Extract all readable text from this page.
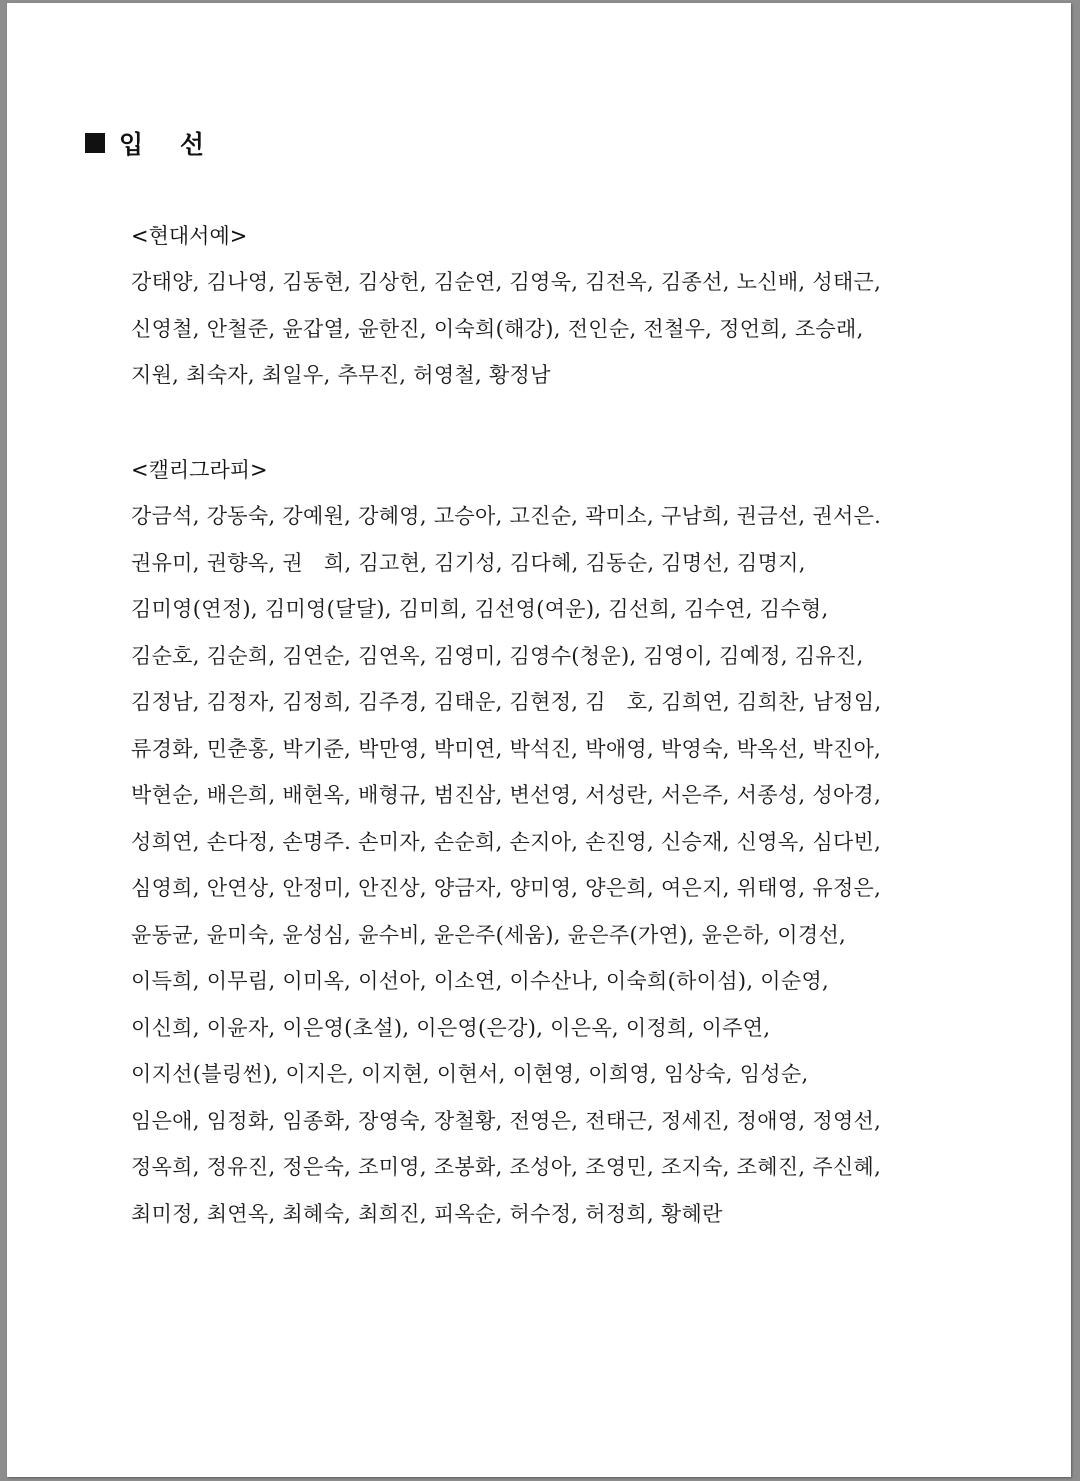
입 선
<현대서예>
강태양, 김나영, 김동현, 김상헌, 김순연, 김영욱, 김전옥, 김종선, 노신배, 성태근,
신영철, 안철준, 윤갑열, 윤한진, 이숙희(해강), 전인순, 전철우, 정언희, 조승래,
지원, 최숙자, 최일우, 추무진, 허영철, 황정남
<캘리그라피>
강금석, 강동숙, 강예원, 강혜영, 고승아, 고진순, 곽미소, 구남희, 권금선, 권서은.
권유미, 권향옥, 권   희, 김고현, 김기성, 김다혜, 김동순, 김명선, 김명지,
김미영(연정), 김미영(달달), 김미희, 김선영(여운), 김선희, 김수연, 김수형,
김순호, 김순희, 김연순, 김연옥, 김영미, 김영수(청운), 김영이, 김예정, 김유진,
김정남, 김정자, 김정희, 김주경, 김태운, 김현정, 김   호, 김희연, 김희찬, 남정임,
류경화, 민춘홍, 박기준, 박만영, 박미연, 박석진, 박애영, 박영숙, 박옥선, 박진아,
박현순, 배은희, 배현옥, 배형규, 범진삼, 변선영, 서성란, 서은주, 서종성, 성아경,
성희연, 손다정, 손명주. 손미자, 손순희, 손지아, 손진영, 신승재, 신영옥, 심다빈,
심영희, 안연상, 안정미, 안진상, 양금자, 양미영, 양은희, 여은지, 위태영, 유정은,
윤동균, 윤미숙, 윤성심, 윤수비, 윤은주(세움), 윤은주(가연), 윤은하, 이경선,
이득희, 이무림, 이미옥, 이선아, 이소연, 이수산나, 이숙희(하이섬), 이순영,
이신희, 이윤자, 이은영(초설), 이은영(은강), 이은옥, 이정희, 이주연,
이지선(블링썬), 이지은, 이지현, 이현서, 이현영, 이희영, 임상숙, 임성순,
임은애, 임정화, 임종화, 장영숙, 장철황, 전영은, 전태근, 정세진, 정애영, 정영선,
정옥희, 정유진, 정은숙, 조미영, 조봉화, 조성아, 조영민, 조지숙, 조혜진, 주신혜,
최미정, 최연옥, 최혜숙, 최희진, 피옥순, 허수정, 허정희, 황혜란
